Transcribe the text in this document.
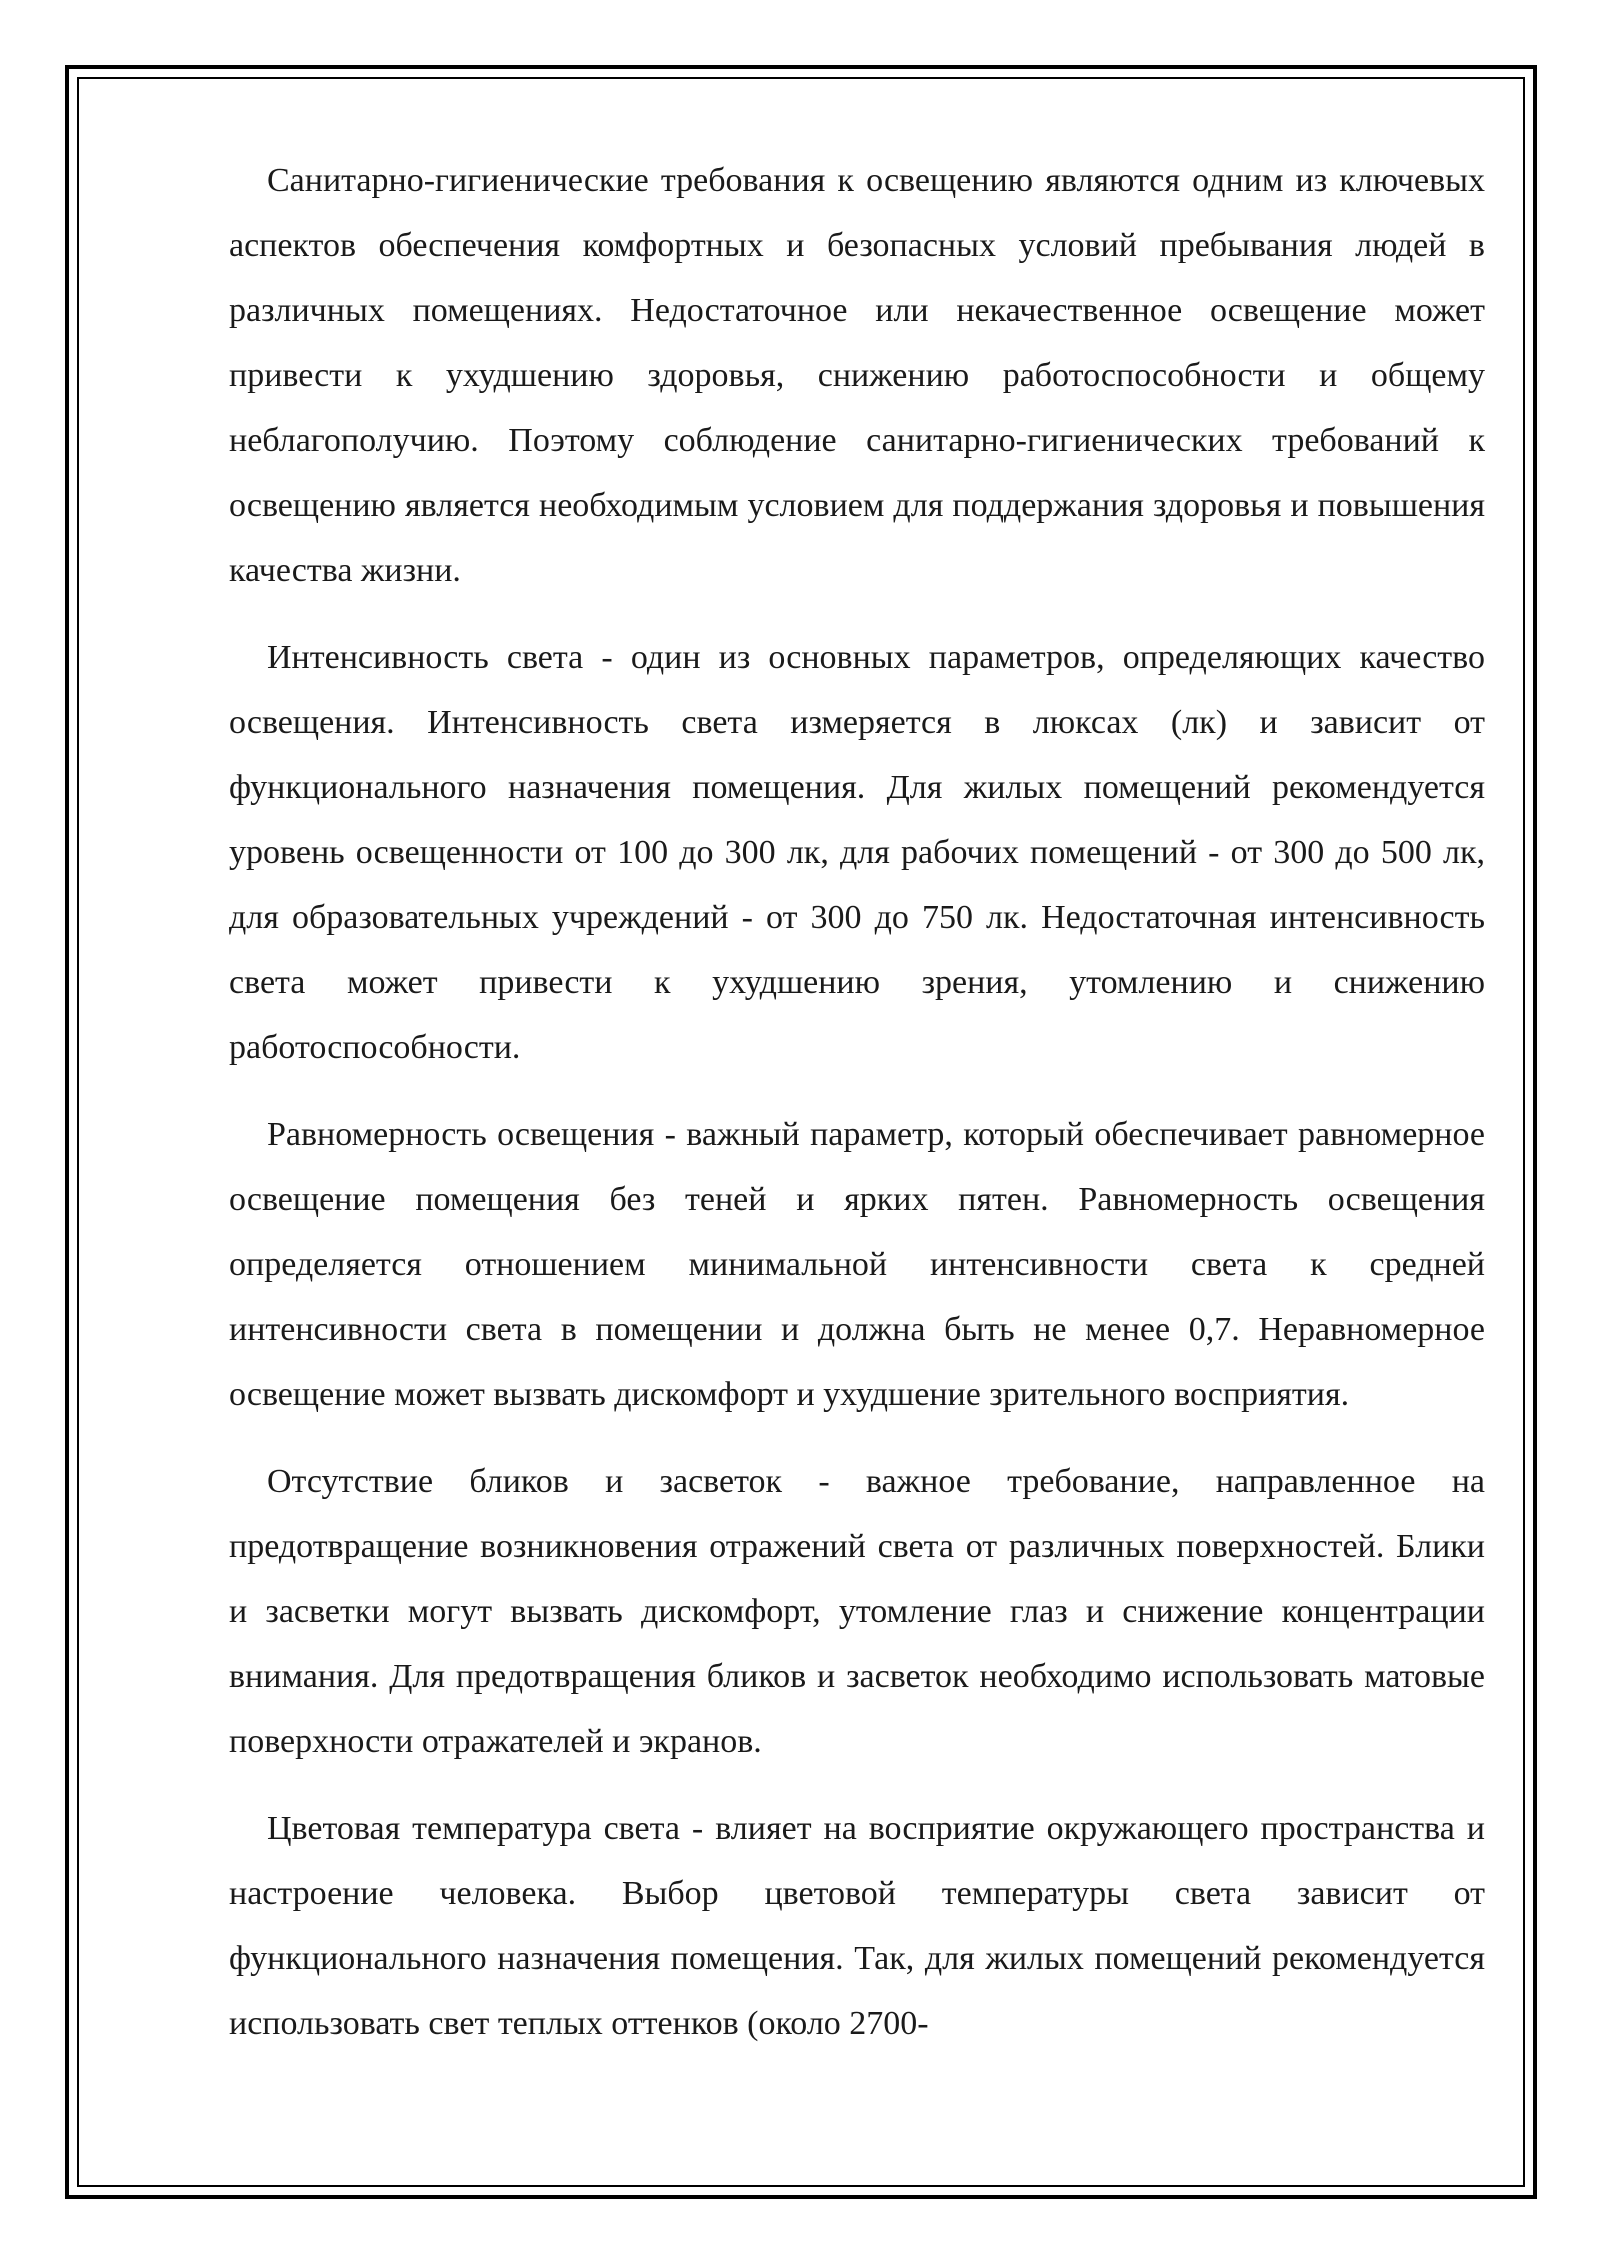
Санитарно-гигиенические требования к освещению являются одним из ключевых аспектов обеспечения комфортных и безопасных условий пребывания людей в различных помещениях. Недостаточное или некачественное освещение может привести к ухудшению здоровья, снижению работоспособности и общему неблагополучию. Поэтому соблюдение санитарно-гигиенических требований к освещению является необходимым условием для поддержания здоровья и повышения качества жизни.

Интенсивность света - один из основных параметров, определяющих качество освещения. Интенсивность света измеряется в люксах (лк) и зависит от функционального назначения помещения. Для жилых помещений рекомендуется уровень освещенности от 100 до 300 лк, для рабочих помещений - от 300 до 500 лк, для образовательных учреждений - от 300 до 750 лк. Недостаточная интенсивность света может привести к ухудшению зрения, утомлению и снижению работоспособности.

Равномерность освещения - важный параметр, который обеспечивает равномерное освещение помещения без теней и ярких пятен. Равномерность освещения определяется отношением минимальной интенсивности света к средней интенсивности света в помещении и должна быть не менее 0,7. Неравномерное освещение может вызвать дискомфорт и ухудшение зрительного восприятия.

Отсутствие бликов и засветок - важное требование, направленное на предотвращение возникновения отражений света от различных поверхностей. Блики и засветки могут вызвать дискомфорт, утомление глаз и снижение концентрации внимания. Для предотвращения бликов и засветок необходимо использовать матовые поверхности отражателей и экранов.

Цветовая температура света - влияет на восприятие окружающего пространства и настроение человека. Выбор цветовой температуры света зависит от функционального назначения помещения. Так, для жилых помещений рекомендуется использовать свет теплых оттенков (около 2700-
